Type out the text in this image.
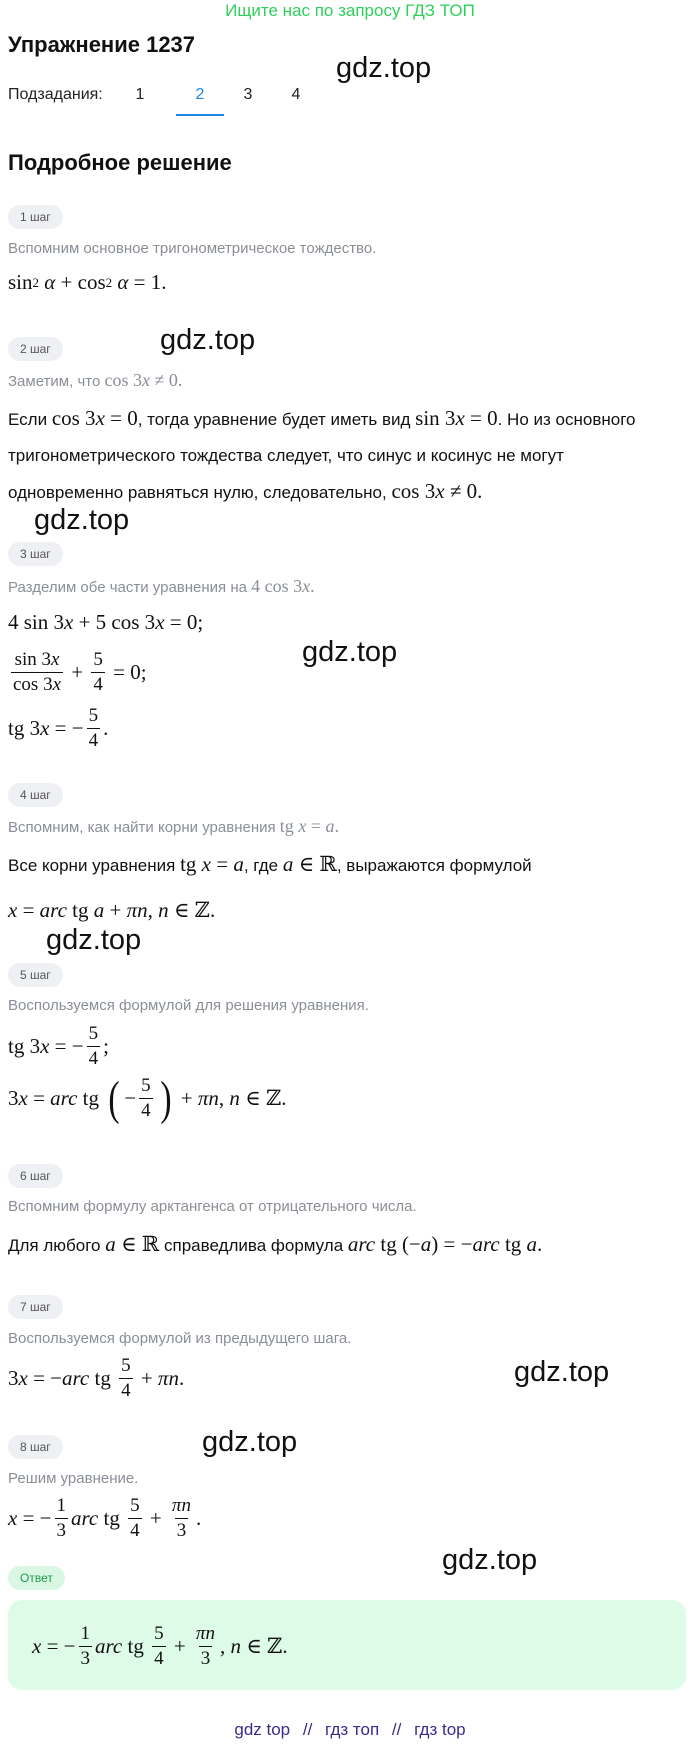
Ищите нас по запросу ГДЗ ТОП
Упражнение 1237
Подзадания:	1	2	3	4
gdz.top
Подробное решение
1 шаг
Вспомним основное тригонометрическое тождество.
sin 2
α + cos 2
α = 1.
2 шаг	gdz.top
Заметим, что cos 3x ≠ 0.
Если cos 3x = 0, тогда уравнение будет иметь вид sin 3x = 0. Но из основного
тригонометрического тождества следует, что синус и косинус не могут
одновременно равняться нулю, следовательно, cos 3x ≠ 0.
gdz.top
3 шаг
Разделим обе части уравнения на 4 cos 3x.
4 sin 3 x + 5 cos 3 x = 0;
$\frac{\sin 3x}{\cos 3x} + \frac{5}{4} = 0$;
gdz.top
tg 3 x = − $\frac{5}{4}$ .
4 шаг
Вспомним, как найти корни уравнения tg x = a.
Все корни уравнения tg x = a, где a ∈ ℝ, выражаются формулой
x = arc tg a + πn , n ∈ ℤ.
gdz.top
5 шаг
Воспользуемся формулой для решения уравнения.
tg 3 x = − $\frac{5}{4}$ ;
3 x = arc tg ( − $\frac{5}{4}$ ) + πn , n ∈ ℤ.
6 шаг
Вспомним формулу арктангенса от отрицательного числа.
Для любого a ∈ ℝ справедлива формула arc tg (−a) = −arc tg a.
7 шаг
Воспользуемся формулой из предыдущего шага.
3 x = − arc tg $\frac{5}{4} + \pi n$ .	gdz.top
8 шаг	gdz.top
Решим уравнение.
x = − $\frac{1}{3}$ arc tg $\frac{5}{4} + \frac{\pi n}{3}$ .
gdz.top
Ответ
x = − $\frac{1}{3}$ arc tg $\frac{5}{4} + \frac{\pi n}{3}$ , n ∈ ℤ.
gdz top // гдз топ // гдз top
